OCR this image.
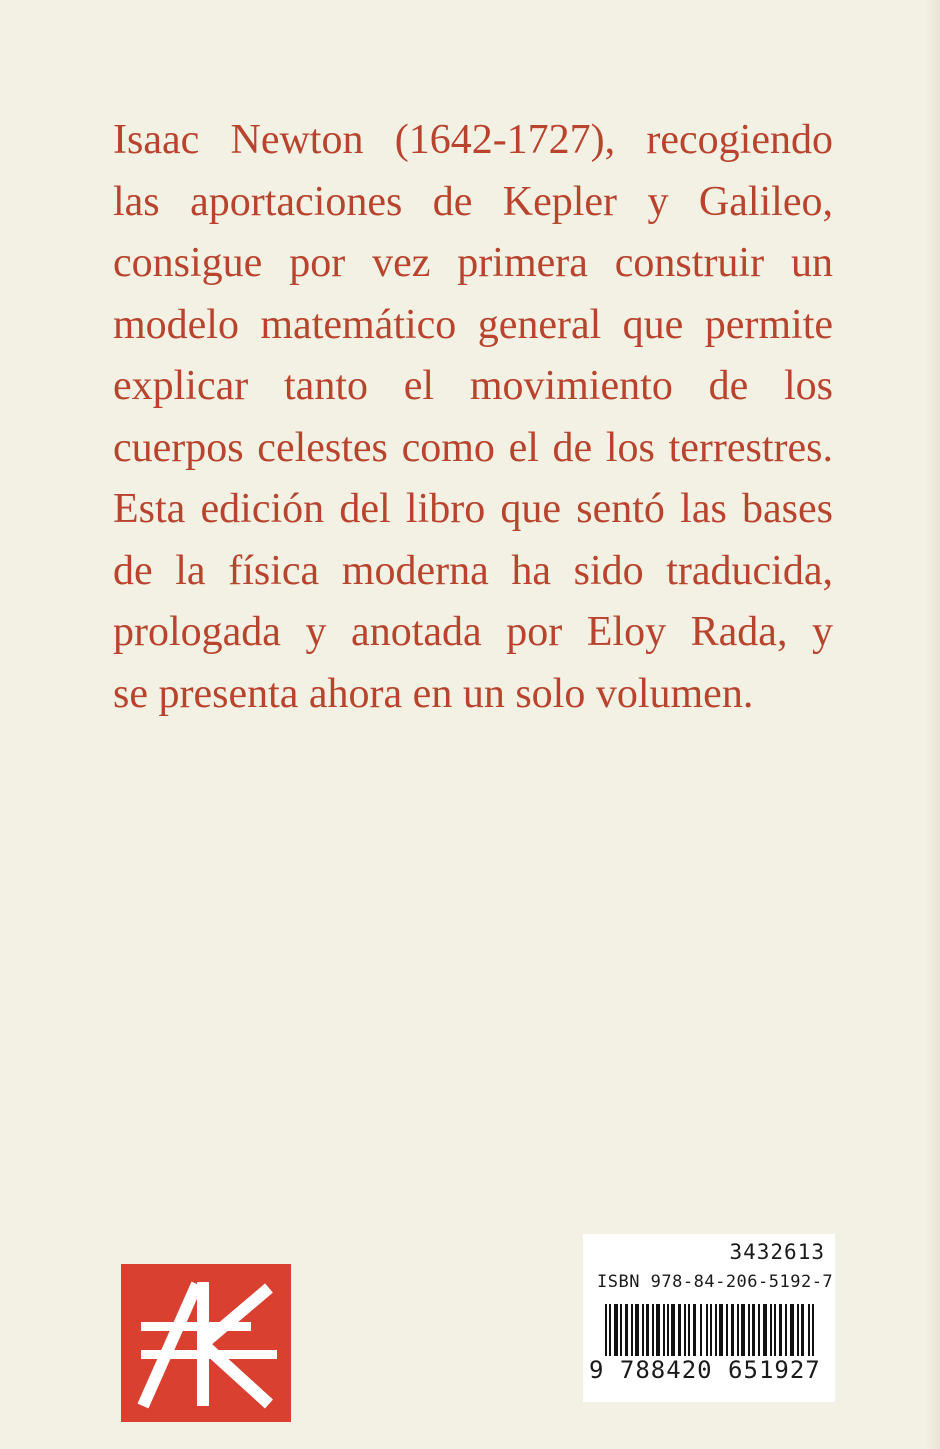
Isaac Newton (1642-1727), recogiendo
las aportaciones de Kepler y Galileo,
consigue por vez primera construir un
modelo matemático general que permite
explicar tanto el movimiento de los
cuerpos celestes como el de los terrestres.
Esta edición del libro que sentó las bases
de la física moderna ha sido traducida,
prologada y anotada por Eloy Rada, y
se presenta ahora en un solo volumen.
3432613
ISBN 978-84-206-5192-7
9 788420 651927
